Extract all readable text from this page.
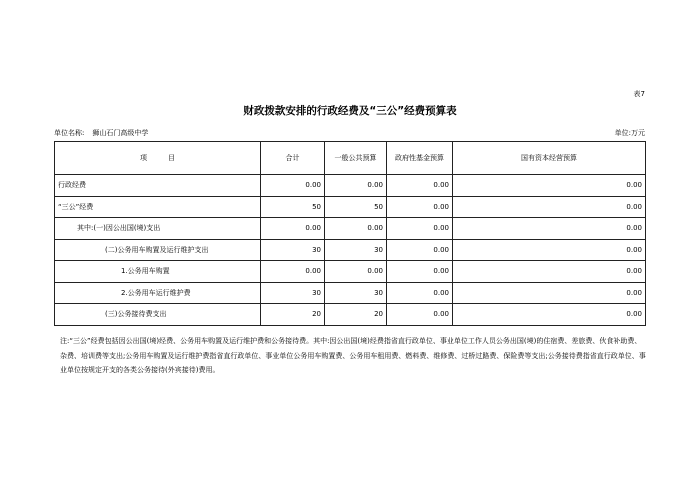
表7
财政拨款安排的行政经费及“三公”经费预算表
单位名称: 狮山石门高级中学	单位:万元
项　　　目	合计	一般公共预算	政府性基金预算	国有资本经营预算
行政经费	0.00	0.00	0.00	0.00
“三公”经费	50	50	0.00	0.00
其中:(一)因公出国(境)支出	0.00	0.00	0.00	0.00
(二)公务用车购置及运行维护支出	30	30	0.00	0.00
1.公务用车购置	0.00	0.00	0.00	0.00
2.公务用车运行维护费	30	30	0.00	0.00
(三)公务接待费支出	20	20	0.00	0.00
注:“三公”经费包括因公出国(境)经费、公务用车购置及运行维护费和公务接待费。其中:因公出国(境)经费指省直行政单位、事业单位工作人员公务出国(境)的住宿费、差旅费、伙食补助费、杂费、培训费等支出;公务用车购置及运行维护费指省直行政单位、事业单位公务用车购置费、公务用车租用费、燃料费、维修费、过桥过路费、保险费等支出;公务接待费指省直行政单位、事业单位按规定开支的各类公务接待(外宾接待)费用。
